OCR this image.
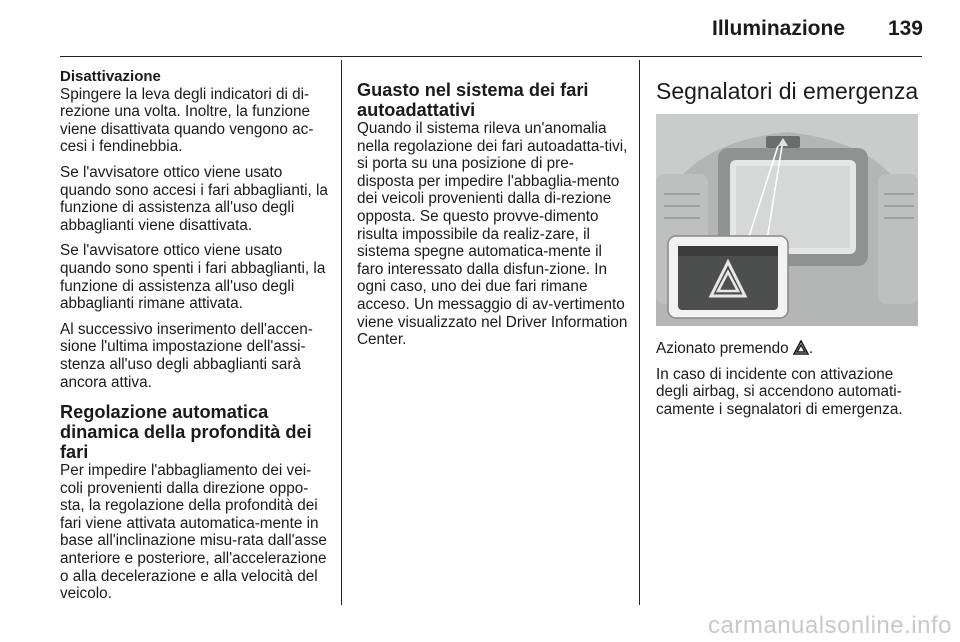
Illuminazione	139
Disattivazione

Spingere la leva degli indicatori di di-rezione una volta. Inoltre, la funzione viene disattivata quando vengono ac-cesi i fendinebbia.

Se l'avvisatore ottico viene usato quando sono accesi i fari abbaglianti, la funzione di assistenza all'uso degli abbaglianti viene disattivata.

Se l'avvisatore ottico viene usato quando sono spenti i fari abbaglianti, la funzione di assistenza all'uso degli abbaglianti rimane attivata.

Al successivo inserimento dell'accen-sione l'ultima impostazione dell'assi-stenza all'uso degli abbaglianti sarà ancora attiva.

Regolazione automatica dinamica della profondità dei fari

Per impedire l'abbagliamento dei vei-coli provenienti dalla direzione oppo-sta, la regolazione della profondità dei fari viene attivata automatica-mente in base all'inclinazione misu-rata dall'asse anteriore e posteriore, all'accelerazione o alla decelerazione e alla velocità del veicolo.

Guasto nel sistema dei fari autoadattativi

Quando il sistema rileva un'anomalia nella regolazione dei fari autoadatta-tivi, si porta su una posizione di pre-disposta per impedire l'abbaglia-mento dei veicoli provenienti dalla di-rezione opposta. Se questo provve-dimento risulta impossibile da realiz-zare, il sistema spegne automatica-mente il faro interessato dalla disfun-zione. In ogni caso, uno dei due fari rimane acceso. Un messaggio di av-vertimento viene visualizzato nel Driver Information Center.

Segnalatori di emergenza

Azionato premendo .

In caso di incidente con attivazione degli airbag, si accendono automati-camente i segnalatori di emergenza.

carmanualsonline.info
